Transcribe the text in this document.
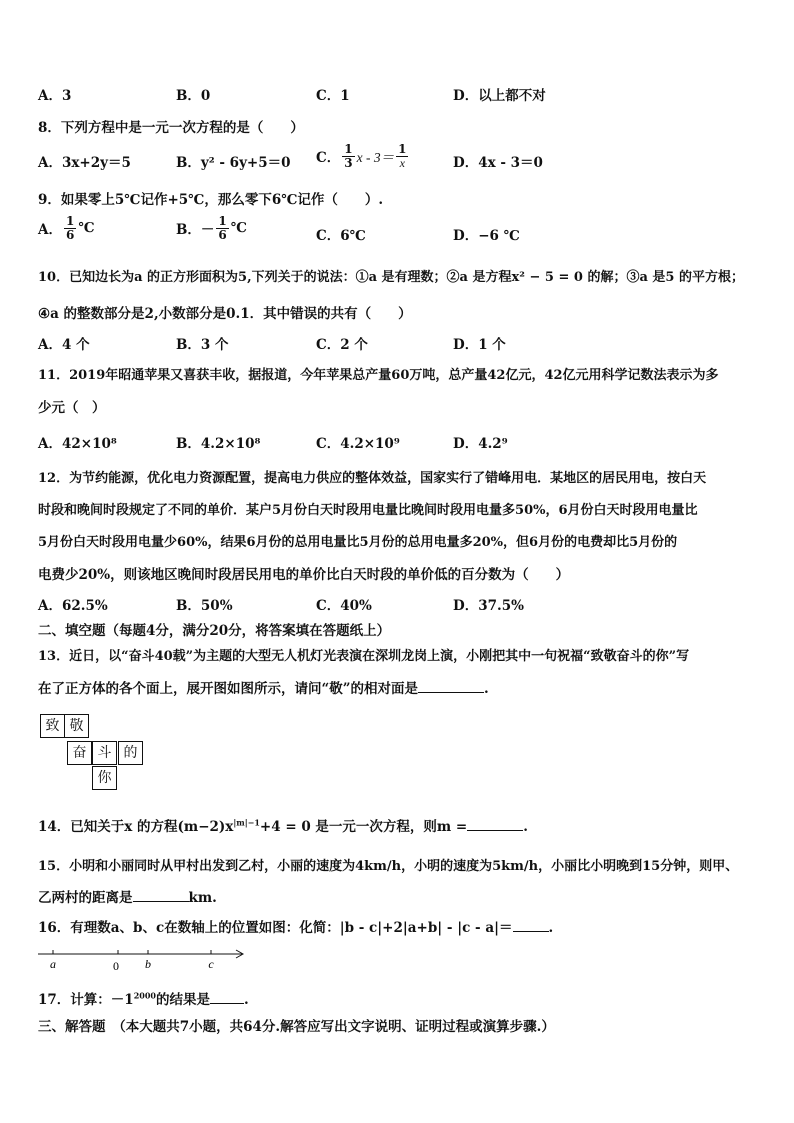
A．3	B．0	C．1	D．以上都不对
8．下列方程中是一元一次方程的是（　　）
A．3x+2y＝5	B．y² - 6y+5＝0 C． $\frac{1}{3}$ $x - 3= \frac{1}{x}$	D．4x - 3＝0
9．如果零上5℃记作+5℃，那么零下6℃记作（　　）.
A． $\frac{1}{6}$ ℃	B．－ $\frac{1}{6}$ ℃	C．6℃	D．−6 ℃
10．已知边长为a 的正方形面积为5,下列关于的说法：①a 是有理数；②a 是方程x² − 5 = 0 的解；③a 是5 的平方根；
④a 的整数部分是2,小数部分是0.1．其中错误的共有（　　）
A．4 个	B．3 个	C．2 个	D．1 个
11．2019年昭通苹果又喜获丰收，据报道，今年苹果总产量60万吨，总产量42亿元，42亿元用科学记数法表示为多
少元（　）
A．42×10⁸	B．4.2×10⁸	C．4.2×10⁹	D．4.2⁹
12．为节约能源，优化电力资源配置，提高电力供应的整体效益，国家实行了错峰用电．某地区的居民用电，按白天
时段和晚间时段规定了不同的单价．某户5月份白天时段用电量比晚间时段用电量多50%，6月份白天时段用电量比
5月份白天时段用电量少60%，结果6月份的总用电量比5月份的总用电量多20%，但6月份的电费却比5月份的
电费少20%，则该地区晚间时段居民用电的单价比白天时段的单价低的百分数为（　　）
A．62.5%	B．50%	C．40%	D．37.5%
二、填空题（每题4分，满分20分，将答案填在答题纸上）
13．近日，以“奋斗40载”为主题的大型无人机灯光表演在深圳龙岗上演，小刚把其中一句祝福“致敬奋斗的你”写
在了正方体的各个面上，展开图如图所示，请问“敬”的相对面是	.
致 敬
奋 斗 的
你
14．已知关于x 的方程$(m-2)x^{|m|-1}+4 = 0$ 是一元一次方程，则m =	.
15．小明和小丽同时从甲村出发到乙村，小丽的速度为4km/h，小明的速度为5km/h，小丽比小明晚到15分钟，则甲、
乙两村的距离是	km.
16．有理数a、b、c在数轴上的位置如图：化简：|b - c|+2|a+b| - |c - a|＝	.
a	0 b	c
17．计算：$-1^{2000}$的结果是	.
三、解答题　（本大题共7小题，共64分.解答应写出文字说明、证明过程或演算步骤.）
